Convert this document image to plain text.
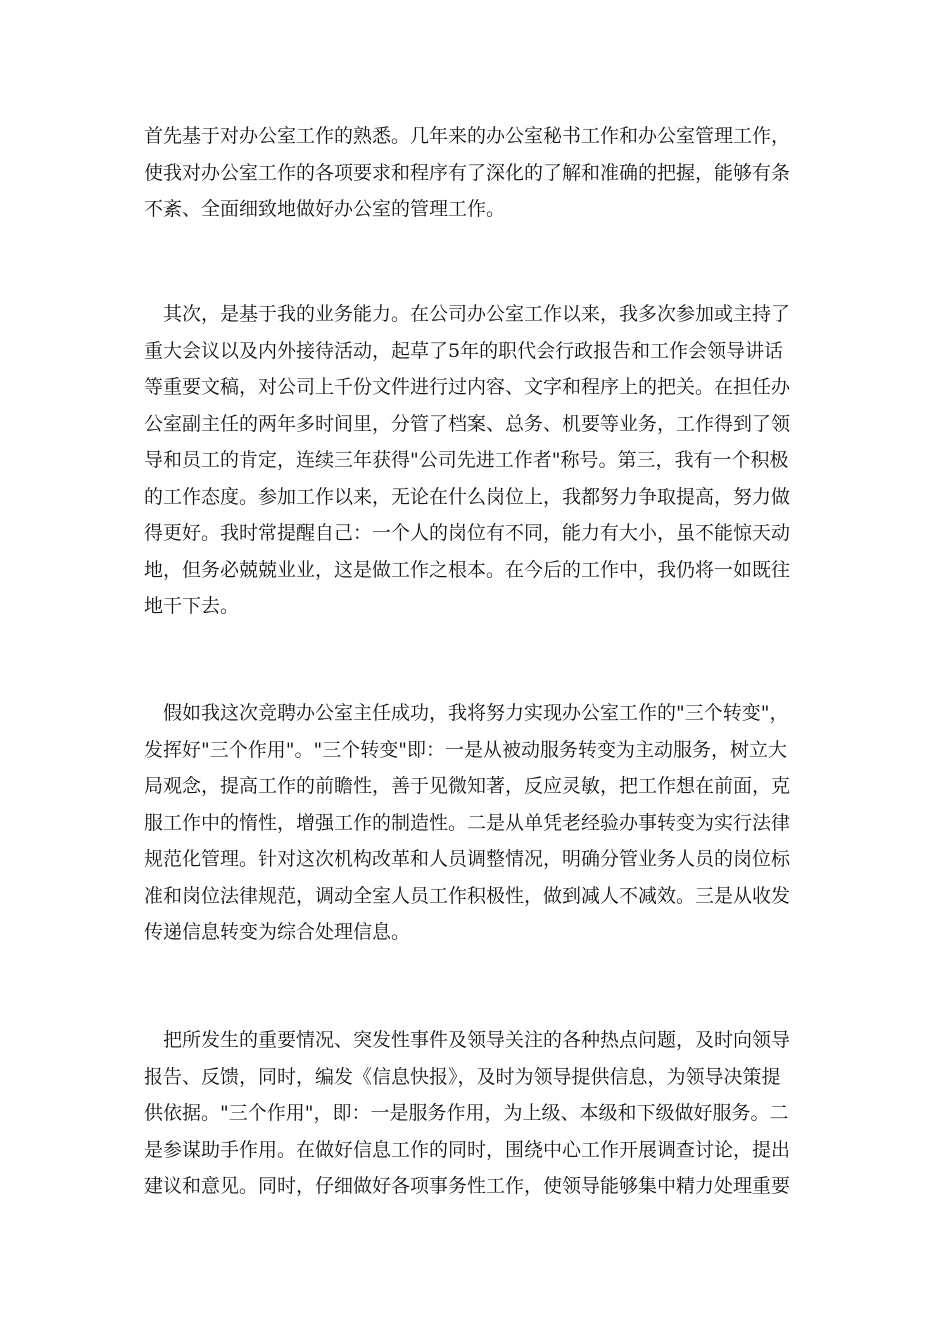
首先基于对办公室工作的熟悉。几年来的办公室秘书工作和办公室管理工作，
使我对办公室工作的各项要求和程序有了深化的了解和准确的把握，能够有条
不紊、全面细致地做好办公室的管理工作。
　其次，是基于我的业务能力。在公司办公室工作以来，我多次参加或主持了
重大会议以及内外接待活动，起草了5年的职代会行政报告和工作会领导讲话
等重要文稿，对公司上千份文件进行过内容、文字和程序上的把关。在担任办
公室副主任的两年多时间里，分管了档案、总务、机要等业务，工作得到了领
导和员工的肯定，连续三年获得"公司先进工作者"称号。第三，我有一个积极
的工作态度。参加工作以来，无论在什么岗位上，我都努力争取提高，努力做
得更好。我时常提醒自己：一个人的岗位有不同，能力有大小，虽不能惊天动
地，但务必兢兢业业，这是做工作之根本。在今后的工作中，我仍将一如既往
地干下去。
　假如我这次竞聘办公室主任成功，我将努力实现办公室工作的"三个转变"，
发挥好"三个作用"。"三个转变"即：一是从被动服务转变为主动服务，树立大
局观念，提高工作的前瞻性，善于见微知著，反应灵敏，把工作想在前面，克
服工作中的惰性，增强工作的制造性。二是从单凭老经验办事转变为实行法律
规范化管理。针对这次机构改革和人员调整情况，明确分管业务人员的岗位标
准和岗位法律规范，调动全室人员工作积极性，做到减人不减效。三是从收发
传递信息转变为综合处理信息。
　把所发生的重要情况、突发性事件及领导关注的各种热点问题，及时向领导
报告、反馈，同时，编发《信息快报》，及时为领导提供信息，为领导决策提
供依据。"三个作用"，即：一是服务作用，为上级、本级和下级做好服务。二
是参谋助手作用。在做好信息工作的同时，围绕中心工作开展调查讨论，提出
建议和意见。同时，仔细做好各项事务性工作，使领导能够集中精力处理重要
